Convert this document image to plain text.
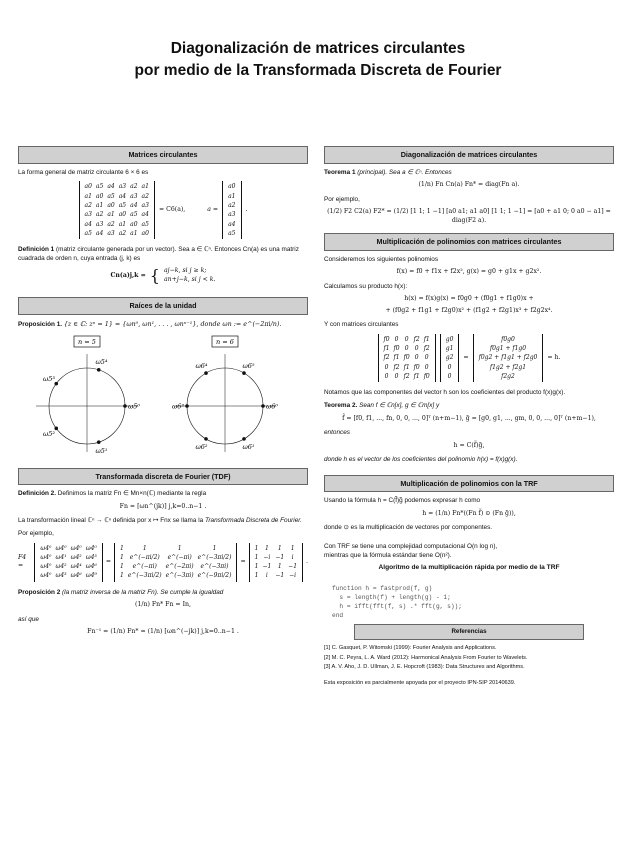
Diagonalización de matrices circulantes
por medio de la Transformada Discreta de Fourier
Matrices circulantes

La forma general de matriz circulante 6 × 6 es

a0	a5	a4	a3	a2	a1
a1	a0	a5	a4	a3	a2
a2	a1	a0	a5	a4	a3
a3	a2	a1	a0	a5	a4
a4	a3	a2	a1	a0	a5
a5	a4	a3	a2	a1	a0
= C6(a),	a =
a0
a1
a2
a3
a4
a5
.

Definición 1 (matriz circulante generada por un vector). Sea a ∈ ℂⁿ. Entonces Cn(a) es una matriz cuadrada de orden n, cuya entrada (j, k) es

Cn(a)j,k = { aj−k, si j ≥ k;
an+j−k, si j < k.
Raíces de la unidad

Proposición 1. {z ∈ ℂ: zⁿ = 1} = {ωn⁰, ωn¹, . . . , ωnⁿ⁻¹}, donde ωn := e^(−2πi/n).

n = 5
ω5⁰
ω5¹
ω5²
ω5³
ω5⁴
n = 6
ω6⁰
ω6¹
ω6²
ω6³
ω6⁴	ω6⁵
Transformada discreta de Fourier (TDF)

Definición 2. Definimos la matriz Fn ∈ Mn×n(ℂ) mediante la regla

Fn = [ωn^(jk)] j,k=0..n−1 .

La transformación lineal ℂⁿ → ℂⁿ definida por x ↦ Fnx se llama la Transformada Discreta de Fourier.

Por ejemplo,

F4 =
ω4⁰	ω4⁰	ω4⁰	ω4⁰
ω4⁰	ω4¹	ω4²	ω4³
ω4⁰	ω4²	ω4⁴	ω4⁶
ω4⁰	ω4³	ω4⁶	ω4⁹
=
1	1	1	1
1	e^(−πi/2)	e^(−πi)	e^(−3πi/2)
1	e^(−πi)	e^(−2πi)	e^(−3πi)
1	e^(−3πi/2)	e^(−3πi)	e^(−9πi/2)
=
1	1	1	1
1	−i	−1	i
1	−1	1	−1
1	i	−1	−i
.

Proposición 2 (la matriz inversa de la matriz Fn). Se cumple la igualdad

(1/n) Fn* Fn = In,

así que

Fn⁻¹ = (1/n) Fn* = (1/n) [ωn^(−jk)] j,k=0..n−1 .
Diagonalización de matrices circulantes

Teorema 1 (principal). Sea a ∈ ℂⁿ. Entonces

(1/n) Fn Cn(a) Fn* = diag(Fn a).

Por ejemplo,

(1/2) F2 C2(a) F2* = (1/2) [1 1; 1 −1] [a0 a1; a1 a0] [1 1; 1 −1] = [a0 + a1 0; 0 a0 − a1] = diag(F2 a).
Multiplicación de polinomios con matrices circulantes

Consideremos los siguientes polinomios

f(x) = f0 + f1x + f2x², g(x) = g0 + g1x + g2x².

Calculamos su producto h(x):

h(x) = f(x)g(x) = f0g0 + (f0g1 + f1g0)x +
+ (f0g2 + f1g1 + f2g0)x² + (f1g2 + f2g1)x³ + f2g2x⁴.

Y con matrices circulantes

f0	0	0	f2	f1
f1	f0	0	0	f2
f2	f1	f0	0	0
0	f2	f1	f0	0
0	0	f2	f1	f0
g0
g1
g2
0
0
=
f0g0
f0g1 + f1g0
f0g2 + f1g1 + f2g0
f1g2 + f2g1
f2g2
= h.

Notamos que las componentes del vector h son los coeficientes del producto f(x)g(x).

Teorema 2. Sean f ∈ ℂn[x], g ∈ ℂm[x] y

f̃ = [f0, f1, ..., fn, 0, 0, ..., 0]ᵀ (n+m−1), g̃ = [g0, g1, ..., gm, 0, 0, ..., 0]ᵀ (n+m−1),

entonces

h = C(f̃)g̃,

donde h es el vector de los coeficientes del polinomio h(x) = f(x)g(x).

Multiplicación de polinomios con la TRF

Usando la fórmula h = C(f̃)g̃ podemos expresar h como

h = (1/n) Fn*((Fn f̃) ⊙ (Fn g̃)),

donde ⊙ es la multiplicación de vectores por componentes.

Con TRF se tiene una complejidad computacional O(n log n),

mientras que la fórmula estándar tiene O(n²).

Algoritmo de la multiplicación rápida por medio de la TRF

function h = fastprod(f, g)
s = length(f) + length(g) - 1;
h = ifft(fft(f, s) .* fft(g, s));
end
Referencias
[1] C. Gasquet, P. Witomski (1999): Fourier Analysis and Applications.
[2] M. C. Peyra, L. A. Ward (2012): Harmonical Analysis From Fourier to Wavelets.
[3] A. V. Aho, J. D. Ullman, J. E. Hopcroft (1983): Data Structures and Algorithms.
Esta exposición es parcialmente apoyada por el proyecto IPN-SIP 20140639.
